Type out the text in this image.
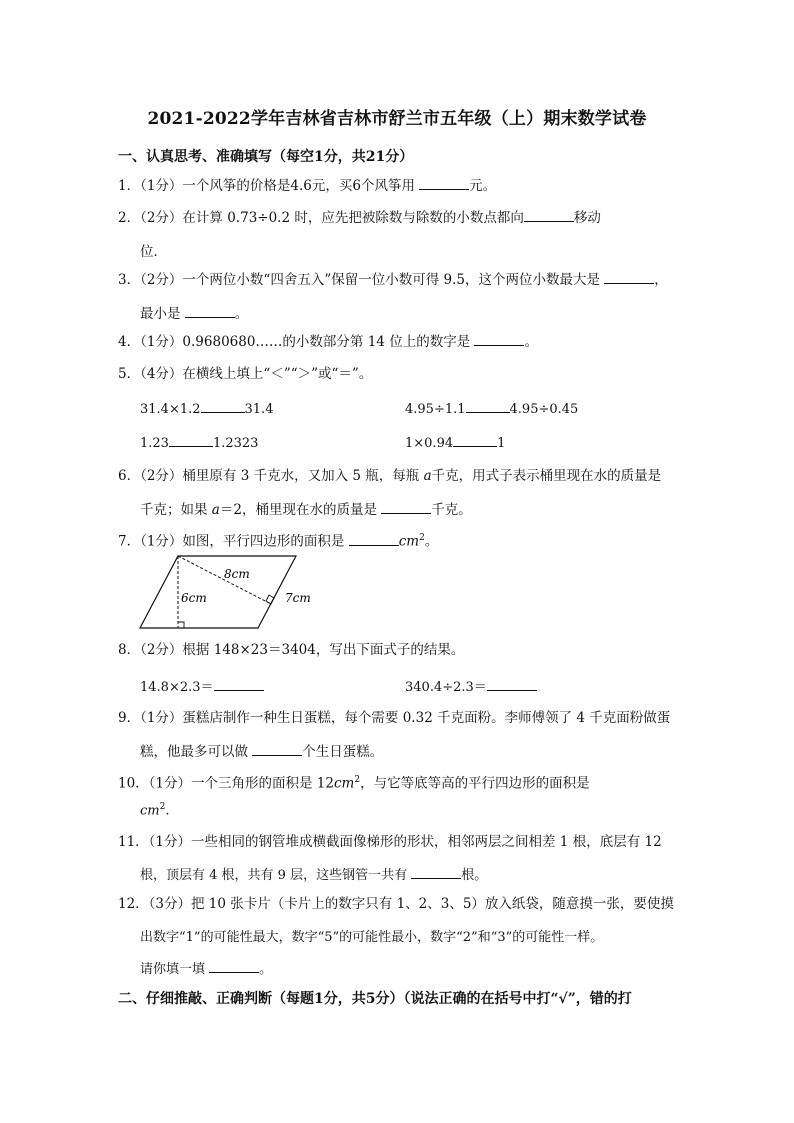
2021-2022学年吉林省吉林市舒兰市五年级（上）期末数学试卷
一、认真思考、准确填写（每空1分，共21分）
1．（1分）一个风筝的价格是4.6元，买6个风筝用	元。
2．（2分）在计算 0.73÷0.2 时，应先把被除数与除数的小数点都向	移动
位．
3．（2分）一个两位小数“四舍五入”保留一位小数可得 9.5，这个两位小数最大是	，
最小是	。
4．（1分）0.9680680……的小数部分第 14 位上的数字是	。
5．（4分）在横线上填上“＜”“＞”或“＝”。
31.4×1.2	31.4	4.95÷1.1	4.95÷0.45
1.23	1.2323	1×0.94	1
6．（2分）桶里原有 3 千克水，又加入 5 瓶，每瓶 a千克，用式子表示桶里现在水的质量是
千克；如果 a＝2，桶里现在水的质量是	千克。
7．（1分）如图，平行四边形的面积是	$cm^2$。
8cm
6cm	7cm
8．（2分）根据 148×23＝3404，写出下面式子的结果。
14.8×2.3＝	340.4÷2.3＝
9．（1分）蛋糕店制作一种生日蛋糕，每个需要 0.32 千克面粉。李师傅领了 4 千克面粉做蛋
糕，他最多可以做	个生日蛋糕。
10．（1分）一个三角形的面积是 $12cm^2$，与它等底等高的平行四边形的面积是
$cm^2$.
11．（1分）一些相同的钢管堆成横截面像梯形的形状，相邻两层之间相差 1 根，底层有 12
根，顶层有 4 根，共有 9 层，这些钢管一共有	根。
12．（3分）把 10 张卡片（卡片上的数字只有 1、2、3、5）放入纸袋，随意摸一张，要使摸
出数字“1”的可能性最大，数字“5”的可能性最小，数字“2”和“3”的可能性一样。
请你填一填	。
二、仔细推敲、正确判断（每题1分，共5分）（说法正确的在括号中打“√”，错的打
